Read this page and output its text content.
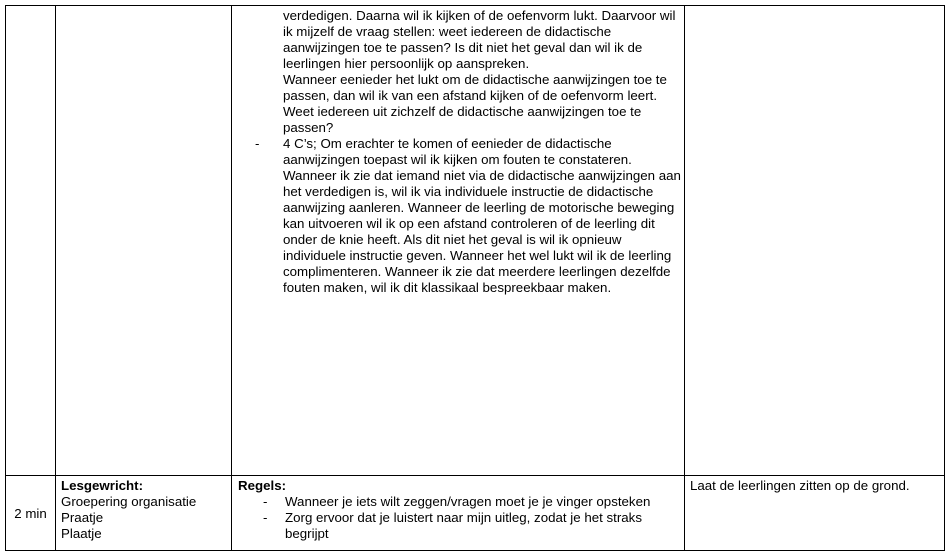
verdedigen. Daarna wil ik kijken of de oefenvorm lukt. Daarvoor wil ik mijzelf de vraag stellen: weet iedereen de didactische aanwijzingen toe te passen? Is dit niet het geval dan wil ik de leerlingen hier persoonlijk op aanspreken.
Wanneer eenieder het lukt om de didactische aanwijzingen toe te passen, dan wil ik van een afstand kijken of de oefenvorm leert. Weet iedereen uit zichzelf de didactische aanwijzingen toe te passen?
- 4 C’s; Om erachter te komen of eenieder de didactische aanwijzingen toepast wil ik kijken om fouten te constateren. Wanneer ik zie dat iemand niet via de didactische aanwijzingen aan het verdedigen is, wil ik via individuele instructie de didactische aanwijzing aanleren. Wanneer de leerling de motorische beweging kan uitvoeren wil ik op een afstand controleren of de leerling dit onder de knie heeft. Als dit niet het geval is wil ik opnieuw individuele instructie geven. Wanneer het wel lukt wil ik de leerling complimenteren. Wanneer ik zie dat meerdere leerlingen dezelfde fouten maken, wil ik dit klassikaal bespreekbaar maken.
2 min
Lesgewricht:
Groepering organisatie
Praatje
Plaatje
Regels:
- Wanneer je iets wilt zeggen/vragen moet je je vinger opsteken
- Zorg ervoor dat je luistert naar mijn uitleg, zodat je het straks begrijpt
Laat de leerlingen zitten op de grond.
